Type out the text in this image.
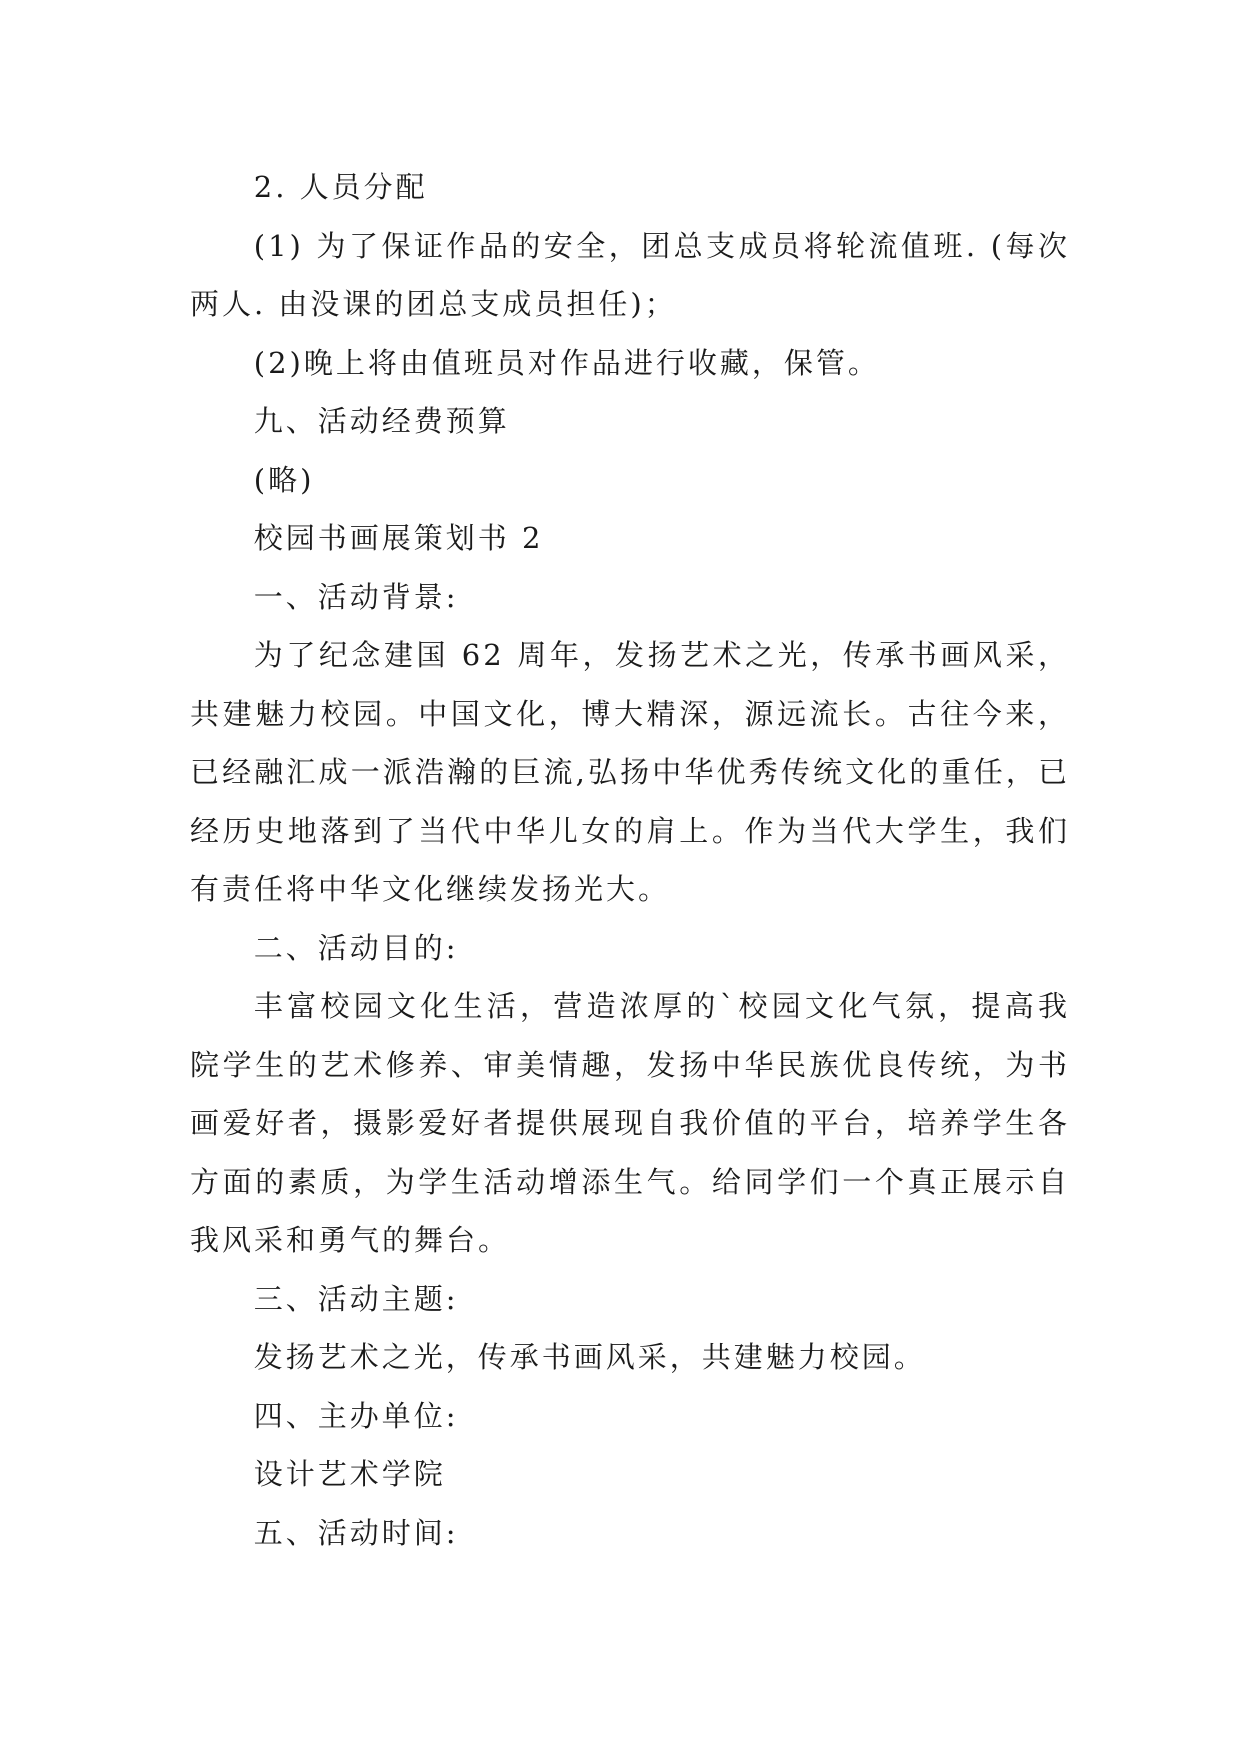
2. 人员分配

(1) 为了保证作品的安全，团总支成员将轮流值班. (每次两人. 由没课的团总支成员担任)；

(2)晚上将由值班员对作品进行收藏，保管。

九、活动经费预算

(略)

校园书画展策划书 2

一、活动背景:

为了纪念建国 62 周年，发扬艺术之光，传承书画风采，共建魅力校园。中国文化，博大精深，源远流长。古往今来，已经融汇成一派浩瀚的巨流,弘扬中华优秀传统文化的重任，已经历史地落到了当代中华儿女的肩上。作为当代大学生，我们有责任将中华文化继续发扬光大。

二、活动目的:

丰富校园文化生活，营造浓厚的`校园文化气氛，提高我院学生的艺术修养、审美情趣，发扬中华民族优良传统，为书画爱好者，摄影爱好者提供展现自我价值的平台，培养学生各方面的素质，为学生活动增添生气。给同学们一个真正展示自我风采和勇气的舞台。

三、活动主题:

发扬艺术之光，传承书画风采，共建魅力校园。

四、主办单位:

设计艺术学院

五、活动时间:
